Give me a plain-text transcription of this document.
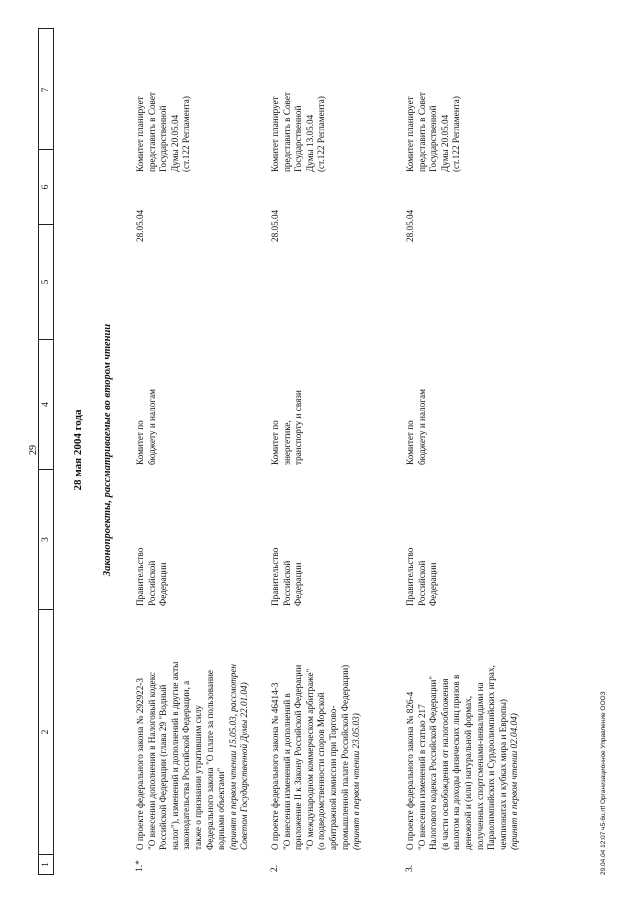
29
1
2
3
4
5
6
7
28 мая 2004 года Законопроекты, рассматриваемые во втором чтении
1.*
О проекте федерального закона № 292922-3 "О внесении дополнения в Налоговый кодекс Российской Федерации (глава 29 "Водный налог"), изменений и дополнений в другие акты законодательства Российской Федерации, а также о признании утратившим силу Федерального закона "О плате за пользование водными объектами" (принят в первом чтении 15.05.03, рассмотрен Советом Государственной Думы 22.01.04)
Правительство Российской Федерации
Комитет по бюджету и налогам
28.05.04
Комитет планирует представить в Совет Государственной Думы 20.05.04 (ст.122 Регламента)
2.
О проекте федерального закона № 46414-3 "О внесении изменений и дополнений в приложение II к Закону Российской Федерации "О международном коммерческом арбитраже" (о подведомственности споров Морской арбитражной комиссии при Торгово- промышленной палате Российской Федерации) (принят в первом чтении 23.05.03)
Правительство Российской Федерации
Комитет по энергетике, транспорту и связи
28.05.04
Комитет планирует представить в Совет Государственной Думы 13.05.04 (ст.122 Регламента)
3.
О проекте федерального закона № 826-4 "О внесении изменений в статью 217 Налогового кодекса Российской Федерации" (в части освобождения от налогообложения налогом на доходы физических лиц призов в денежной и (или) натуральной формах, полученных спортсменами-инвалидами на Параолимпийских и Сурдоолимпийских играх, чемпионатах и кубках мира и Европы) (принят в первом чтении 02.04.04)
Правительство Российской Федерации
Комитет по бюджету и налогам
28.05.04
Комитет планирует представить в Совет Государственной Думы 20.05.04 (ст.122 Регламента)
29.04.04 12:07 ч5-6u.rtf Организационное Управление ОООЗ
